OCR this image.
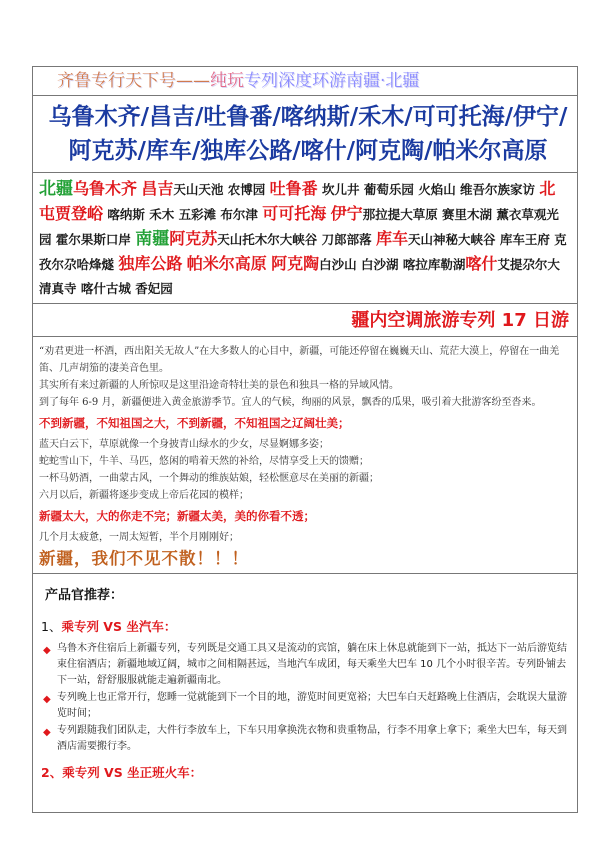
齐鲁专行天下号——纯玩专列深度环游南疆·北疆
乌鲁木齐/昌吉/吐鲁番/喀纳斯/禾木/可可托海/伊宁/
阿克苏/库车/独库公路/喀什/阿克陶/帕米尔高原
北疆乌鲁木齐 昌吉天山天池 农博园 吐鲁番 坎儿井 葡萄乐园 火焰山 维吾尔族家访 北屯贾登峪 喀纳斯 禾木 五彩滩 布尔津 可可托海 伊宁那拉提大草原 赛里木湖 薰衣草观光园 霍尔果斯口岸 南疆阿克苏天山托木尔大峡谷 刀郎部落 库车天山神秘大峡谷 库车王府 克孜尔尕哈烽燧 独库公路 帕米尔高原 阿克陶白沙山 白沙湖 喀拉库勒湖喀什艾提尕尔大清真寺 喀什古城 香妃园
疆内空调旅游专列 17 日游

“劝君更进一杯酒，西出阳关无故人”在大多数人的心目中，新疆，可能还停留在巍巍天山、荒茫大漠上，停留在一曲羌笛、几声胡笳的凄美音色里。

其实所有来过新疆的人所惊叹是这里沿途奇特壮美的景色和独具一格的异域风情。

到了每年 6-9 月，新疆便进入黄金旅游季节。宜人的气候，绚丽的风景，飘香的瓜果，吸引着大批游客纷至沓来。

不到新疆，不知祖国之大，不到新疆，不知祖国之辽阔壮美；

蓝天白云下，草原就像一个身披青山绿水的少女，尽显婀娜多姿；

蛇蛇雪山下，牛羊、马匹，悠闲的啃着天然的补给，尽情享受上天的馈赠；

一杯马奶酒，一曲蒙古风，一个舞动的维族姑娘，轻松惬意尽在美丽的新疆；

六月以后，新疆将逐步变成上帝后花园的模样；

新疆太大，大的你走不完；新疆太美，美的你看不透；

几个月太疲惫，一周太短暂，半个月刚刚好；

新疆，我们不见不散！！！

产品官推荐：
1、乘专列 VS 坐汽车：
◆ 乌鲁木齐住宿后上新疆专列，专列既是交通工具又是流动的宾馆，躺在床上休息就能到下一站，抵达下一站后游览结束住宿酒店；新疆地域辽阔，城市之间相隔甚远，当地汽车成团，每天乘坐大巴车 10 几个小时很辛苦。专列卧铺去下一站，舒舒服服就能走遍新疆南北。
◆ 专列晚上也正常开行，您睡一觉就能到下一个目的地，游览时间更宽裕；大巴车白天赶路晚上住酒店，会耽误大量游览时间；
◆ 专列跟随我们团队走，大件行李放车上，下车只用拿换洗衣物和贵重物品，行李不用拿上拿下；乘坐大巴车，每天到酒店需要搬行李。
2、乘专列 VS 坐正班火车：
